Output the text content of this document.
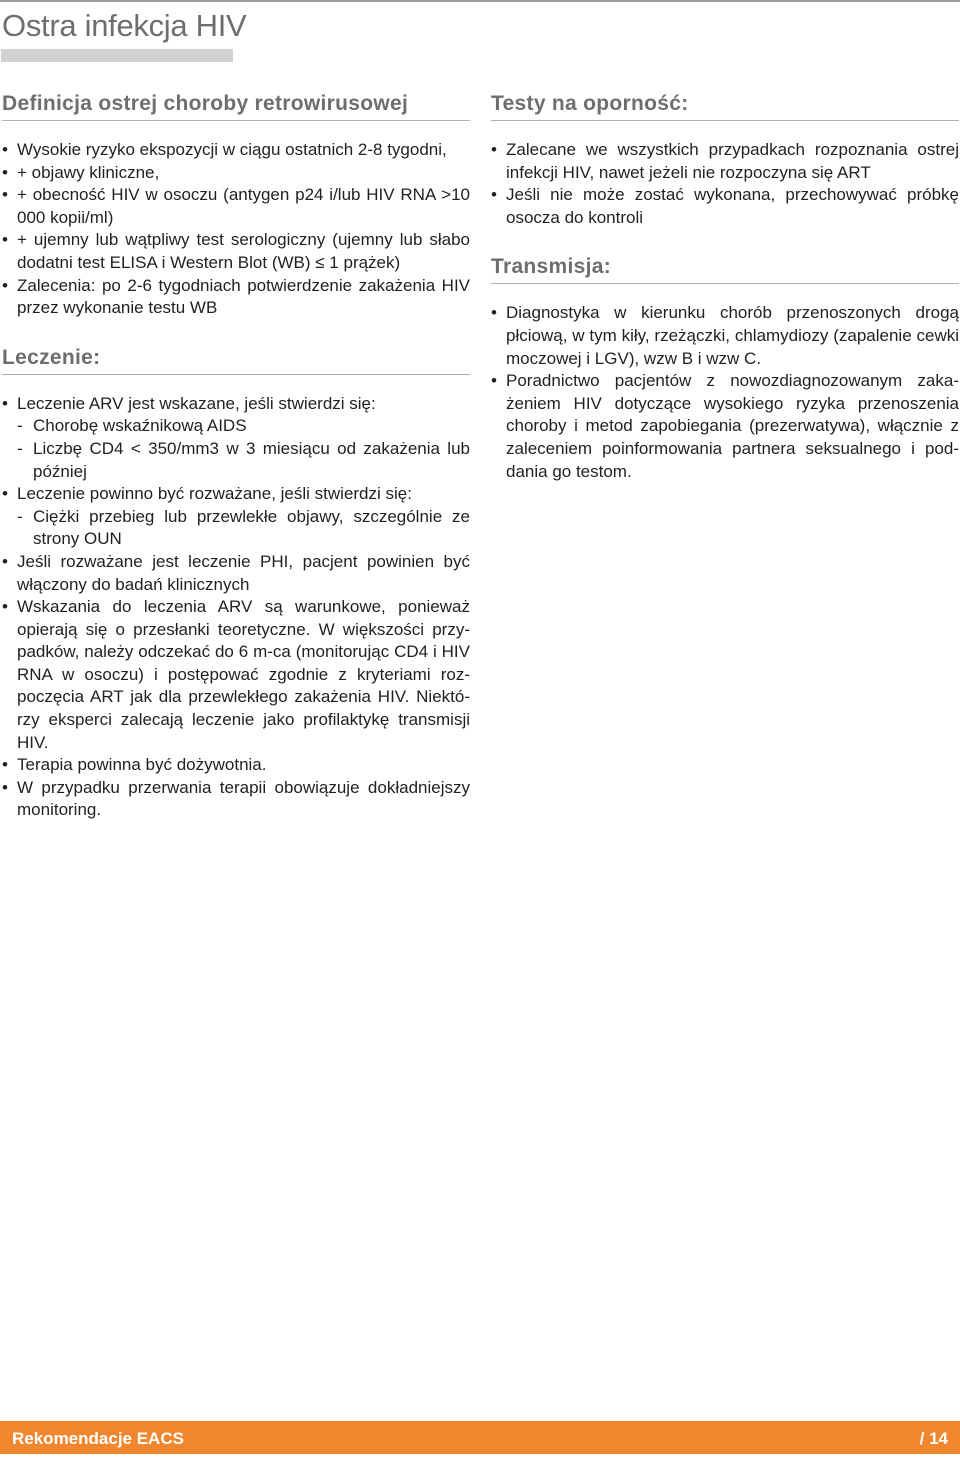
Ostra infekcja HIV
Definicja ostrej choroby retrowirusowej
• Wysokie ryzyko ekspozycji w ciągu ostatnich 2-8 tygodni,
• + objawy kliniczne,
• + obecność HIV w osoczu (antygen p24 i/lub HIV RNA >10 000 kopii/ml)
• + ujemny lub wątpliwy test serologiczny (ujemny lub słabo dodatni test ELISA i Western Blot (WB) ≤ 1 prążek)
• Zalecenia: po 2-6 tygodniach potwierdzenie zakażenia HIV przez wykonanie testu WB
Leczenie:
• Leczenie ARV jest wskazane, jeśli stwierdzi się:
- Chorobę wskaźnikową AIDS
- Liczbę CD4 < 350/mm3 w 3 miesiącu od zakażenia lub później
• Leczenie powinno być rozważane, jeśli stwierdzi się:
- Ciężki przebieg lub przewlekłe objawy, szczególnie ze strony OUN
• Jeśli rozważane jest leczenie PHI, pacjent powinien być włączony do badań klinicznych
• Wskazania do leczenia ARV są warunkowe, ponieważ opierają się o przesłanki teoretyczne. W większości przypadków, należy odczekać do 6 m-ca (monitorując CD4 i HIV RNA w osoczu) i postępować zgodnie z kryteriami rozpoczęcia ART jak dla przewlekłego zakażenia HIV. Niektórzy eksperci zalecają leczenie jako profilaktykę transmisji HIV.
• Terapia powinna być dożywotnia.
• W przypadku przerwania terapii obowiązuje dokładniejszy monitoring.
Testy na oporność:
• Zalecane we wszystkich przypadkach rozpoznania ostrej infekcji HIV, nawet jeżeli nie rozpoczyna się ART
• Jeśli nie może zostać wykonana, przechowywać próbkę osocza do kontroli
Transmisja:
• Diagnostyka w kierunku chorób przenoszonych drogą płciową, w tym kiły, rzeżączki, chlamydiozy (zapalenie cewki moczowej i LGV), wzw B i wzw C.
• Poradnictwo pacjentów z nowozdiagnozowanym zakażeniem HIV dotyczące wysokiego ryzyka przenoszenia choroby i metod zapobiegania (prezerwatywa), włącznie z zaleceniem poinformowania partnera seksualnego i poddania go testom.
Rekomendacje EACS	/ 14
